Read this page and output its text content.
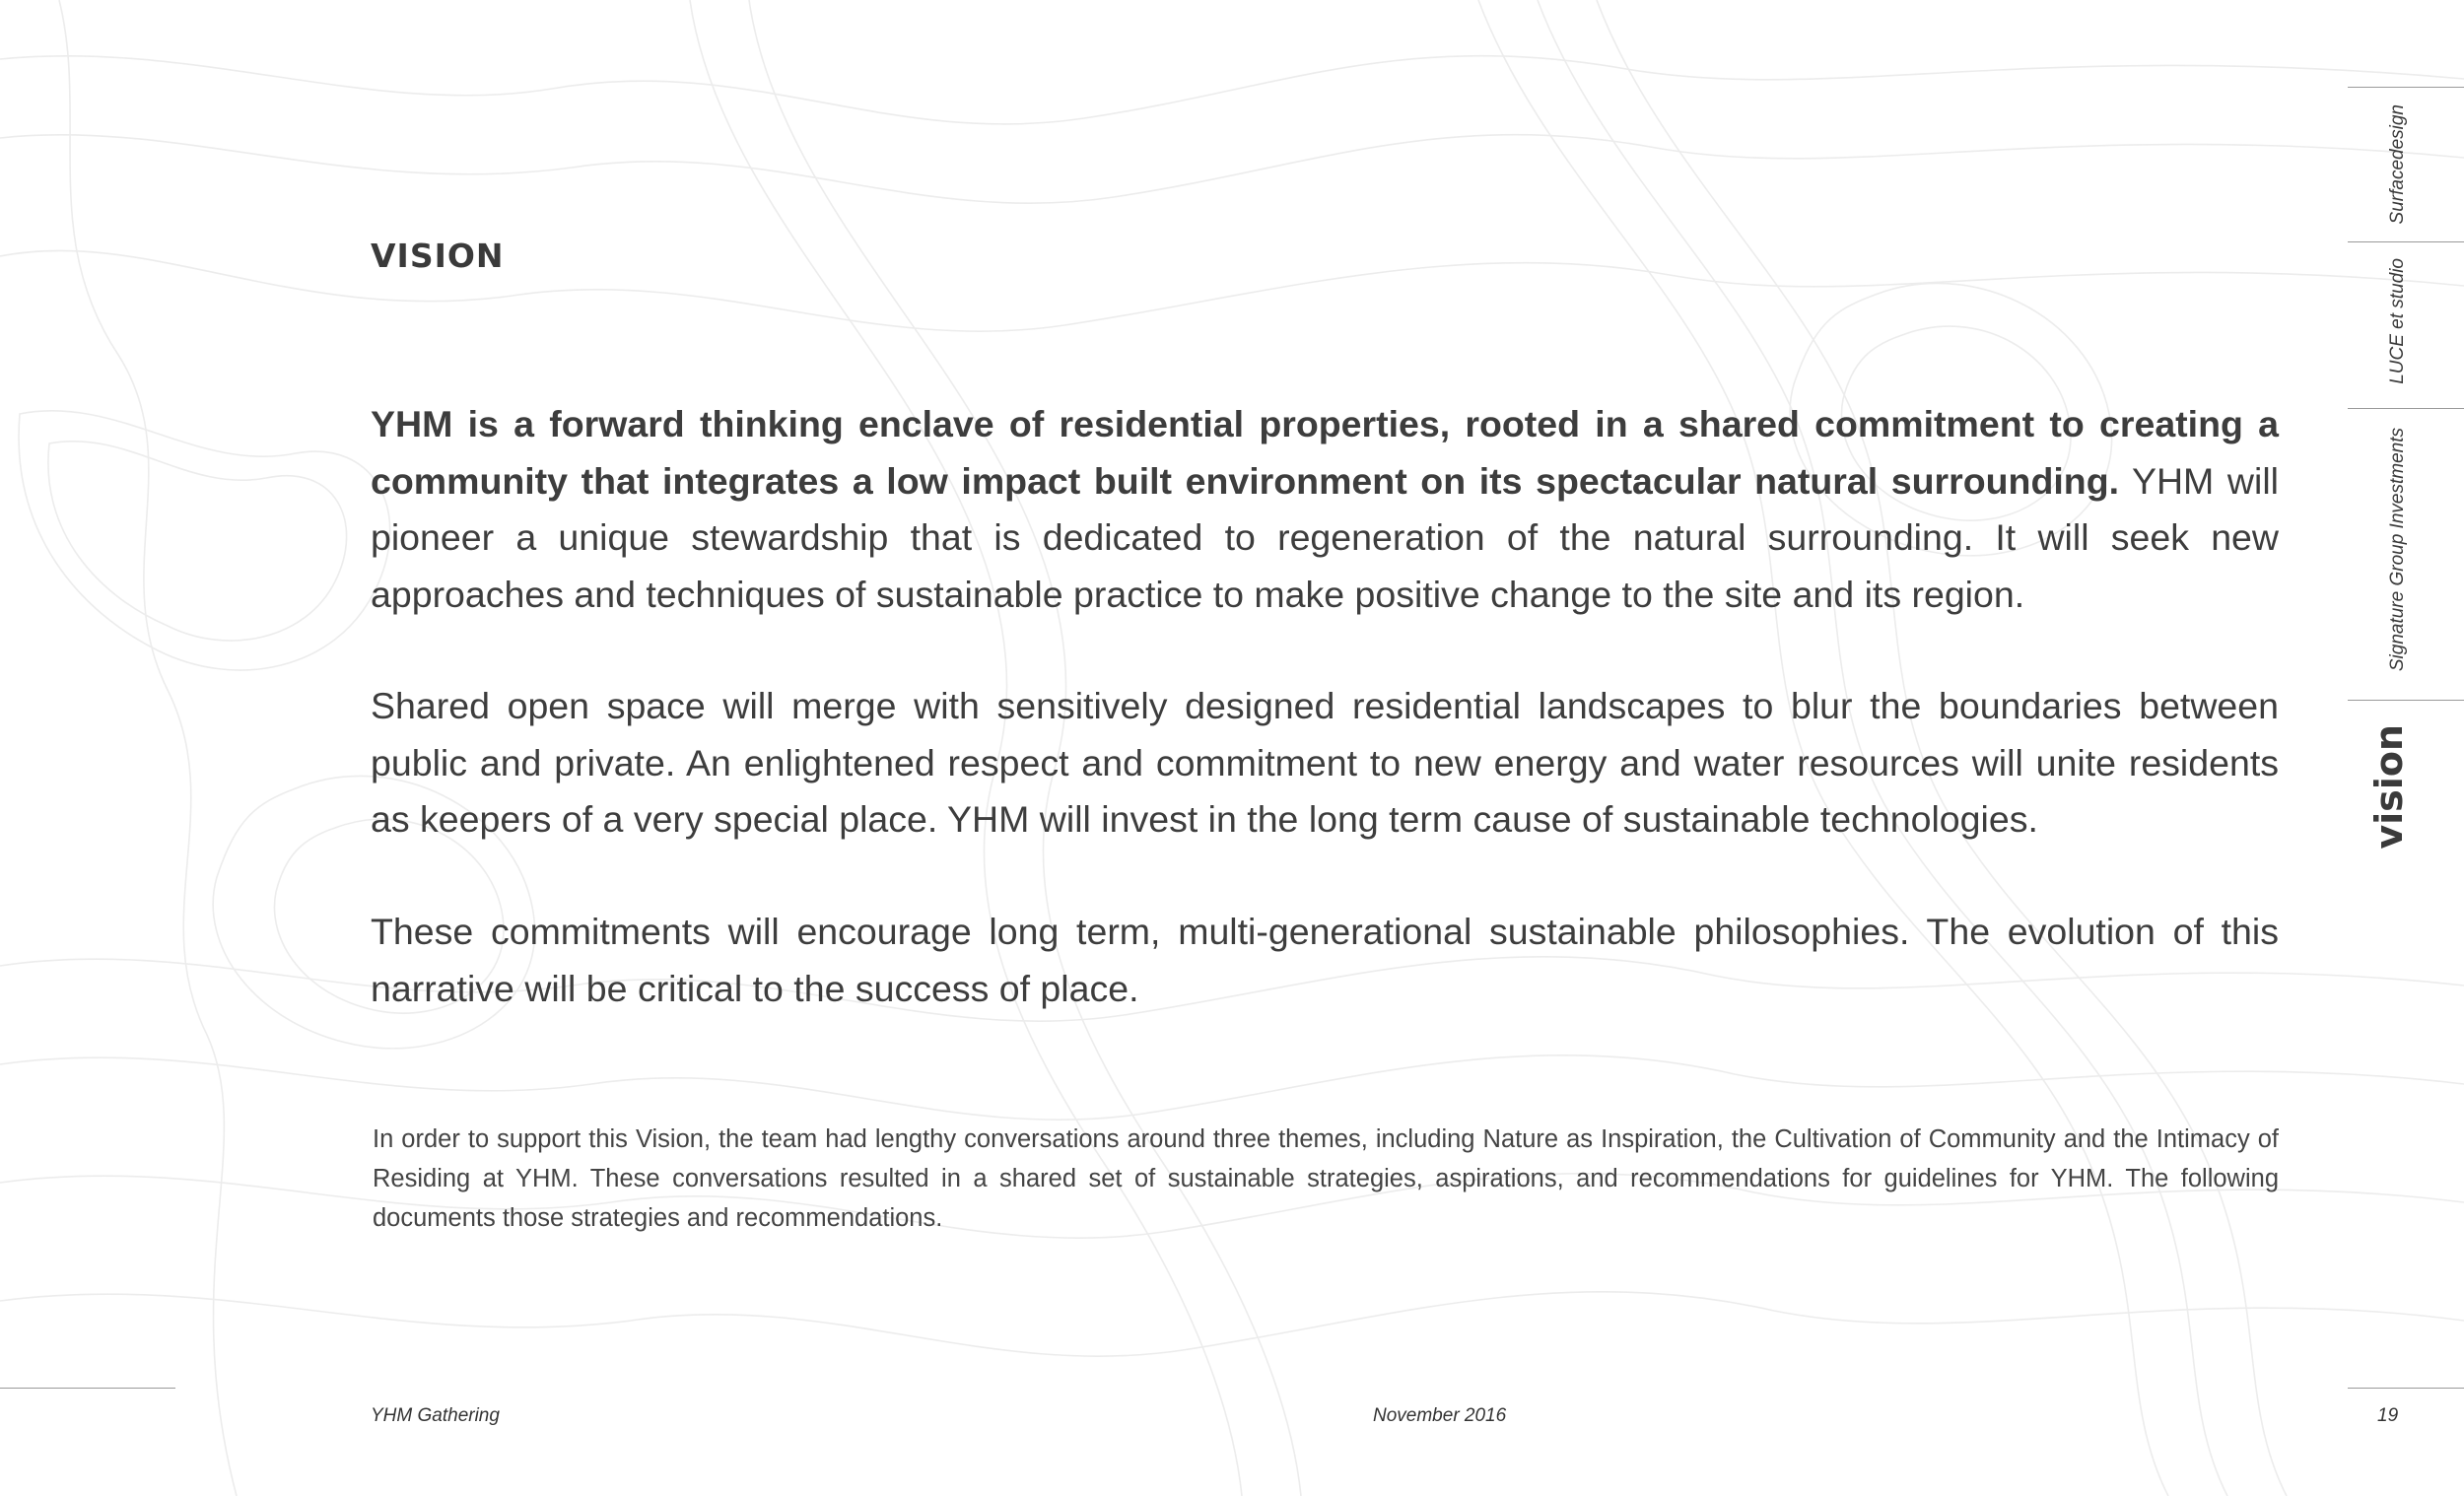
VISION

YHM is a forward thinking enclave of residential properties, rooted in a shared commitment to creating a community that integrates a low impact built environment on its spectacular natural surrounding. YHM will pioneer a unique stewardship that is dedicated to regeneration of the natural surrounding. It will seek new approaches and techniques of sustainable practice to make positive change to the site and its region.

Shared open space will merge with sensitively designed residential landscapes to blur the boundaries between public and private. An enlightened respect and commitment to new energy and water resources will unite residents as keepers of a very special place. YHM will invest in the long term cause of sustainable technologies.

These commitments will encourage long term, multi-generational sustainable philosophies. The evolution of this narrative will be critical to the success of place.

In order to support this Vision, the team had lengthy conversations around three themes, including Nature as Inspiration, the Cultivation of Community and the Intimacy of Residing at YHM. These conversations resulted in a shared set of sustainable strategies, aspirations, and recommendations for guidelines for YHM. The following documents those strategies and recommendations.

Surfacedesign
LUCE et studio
Signature Group Investments
vision
YHM Gathering	November 2016	19
